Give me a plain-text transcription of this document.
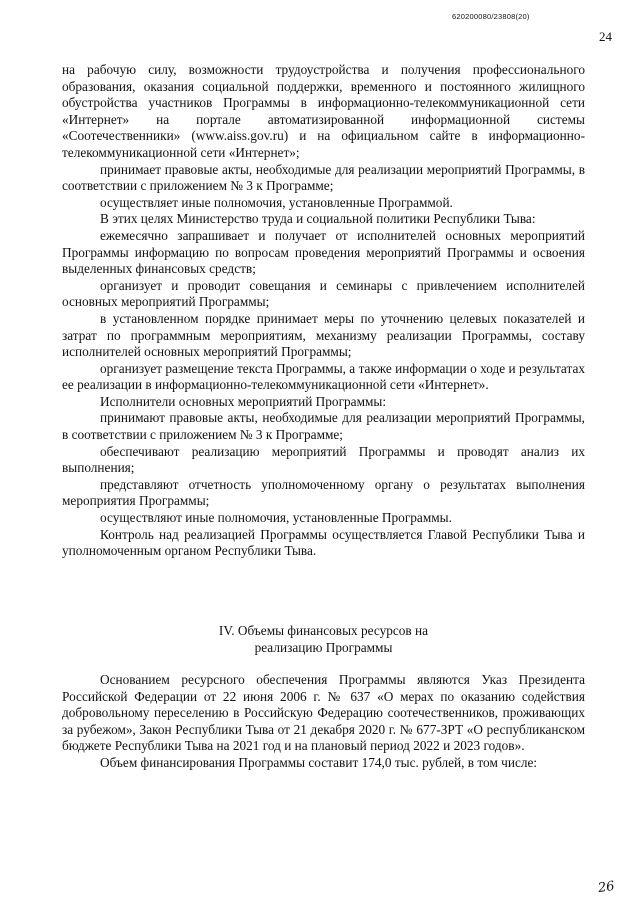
620200080/23808(20)
24

на рабочую силу, возможности трудоустройства и получения профессионального образования, оказания социальной поддержки, временного и постоянного жилищного обустройства участников Программы в информационно-телекоммуникационной сети «Интернет» на портале автоматизированной информационной системы «Соотечественники» (www.aiss.gov.ru) и на официальном сайте в информационно-телекоммуникационной сети «Интернет»;

принимает правовые акты, необходимые для реализации мероприятий Программы, в соответствии с приложением № 3 к Программе;

осуществляет иные полномочия, установленные Программой.

В этих целях Министерство труда и социальной политики Республики Тыва:

ежемесячно запрашивает и получает от исполнителей основных мероприятий Программы информацию по вопросам проведения мероприятий Программы и освоения выделенных финансовых средств;

организует и проводит совещания и семинары с привлечением исполнителей основных мероприятий Программы;

в установленном порядке принимает меры по уточнению целевых показателей и затрат по программным мероприятиям, механизму реализации Программы, составу исполнителей основных мероприятий Программы;

организует размещение текста Программы, а также информации о ходе и результатах ее реализации в информационно-телекоммуникационной сети «Интернет».

Исполнители основных мероприятий Программы:

принимают правовые акты, необходимые для реализации мероприятий Программы, в соответствии с приложением № 3 к Программе;

обеспечивают реализацию мероприятий Программы и проводят анализ их выполнения;

представляют отчетность уполномоченному органу о результатах выполнения мероприятия Программы;

осуществляют иные полномочия, установленные Программы.

Контроль над реализацией Программы осуществляется Главой Республики Тыва и уполномоченным органом Республики Тыва.

IV. Объемы финансовых ресурсов на
реализацию Программы

Основанием ресурсного обеспечения Программы являются Указ Президента Российской Федерации от 22 июня 2006 г. № 637 «О мерах по оказанию содействия добровольному переселению в Российскую Федерацию соотечественников, проживающих за рубежом», Закон Республики Тыва от 21 декабря 2020 г. № 677-ЗРТ «О республиканском бюджете Республики Тыва на 2021 год и на плановый период 2022 и 2023 годов».

Объем финансирования Программы составит 174,0 тыс. рублей, в том числе:

26
